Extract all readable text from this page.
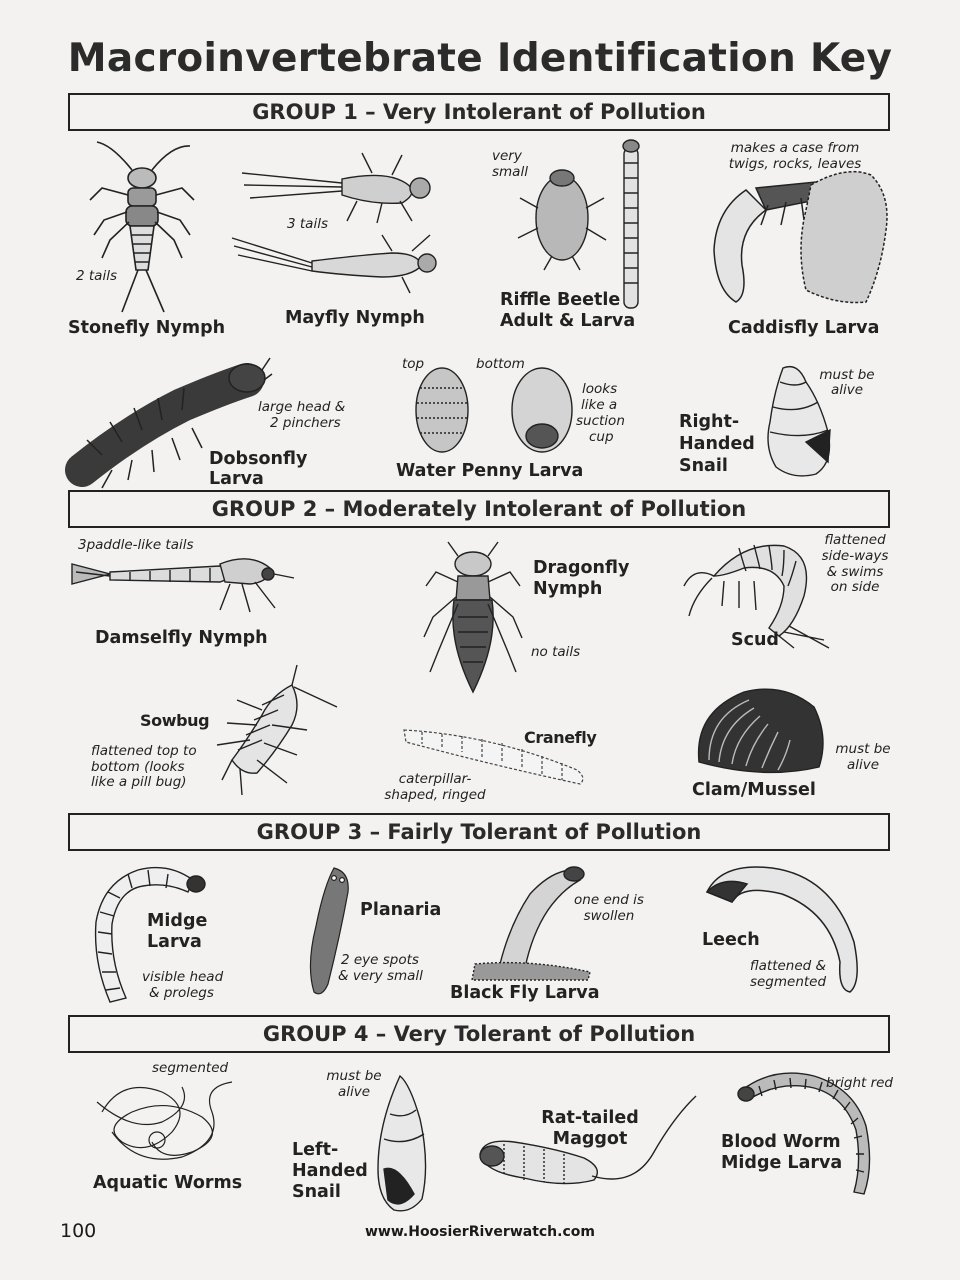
Macroinvertebrate Identification Key
GROUP 1 – Very Intolerant of Pollution
GROUP 2 – Moderately Intolerant of Pollution
GROUP 3 – Fairly Tolerant of Pollution
GROUP 4 – Very Tolerant of Pollution
2 tails
Stonefly Nymph
3 tails
Mayfly Nymph
very
small
Riffle Beetle
Adult & Larva
makes a case from
twigs, rocks, leaves
Caddisfly Larva
large head &
2 pinchers
Dobsonfly
Larva
top	bottom
looks
like a
suction
cup
Water Penny Larva
Right-
Handed
Snail
must be
alive
3paddle-like tails
Damselfly Nymph
Dragonfly
Nymph
no tails
flattened
side-ways
& swims
on side
Scud
Sowbug
flattened top to
bottom (looks
like a pill bug)
Cranefly
caterpillar-
shaped, ringed
must be
alive
Clam/Mussel
Midge
Larva
visible head
& prolegs
Planaria
2 eye spots
& very small
one end is
swollen
Black Fly Larva
Leech
flattened &
segmented
segmented
Aquatic Worms
must be
alive
Left-
Handed
Snail
Rat-tailed
Maggot
bright red
Blood Worm
Midge Larva
100	www.HoosierRiverwatch.com
